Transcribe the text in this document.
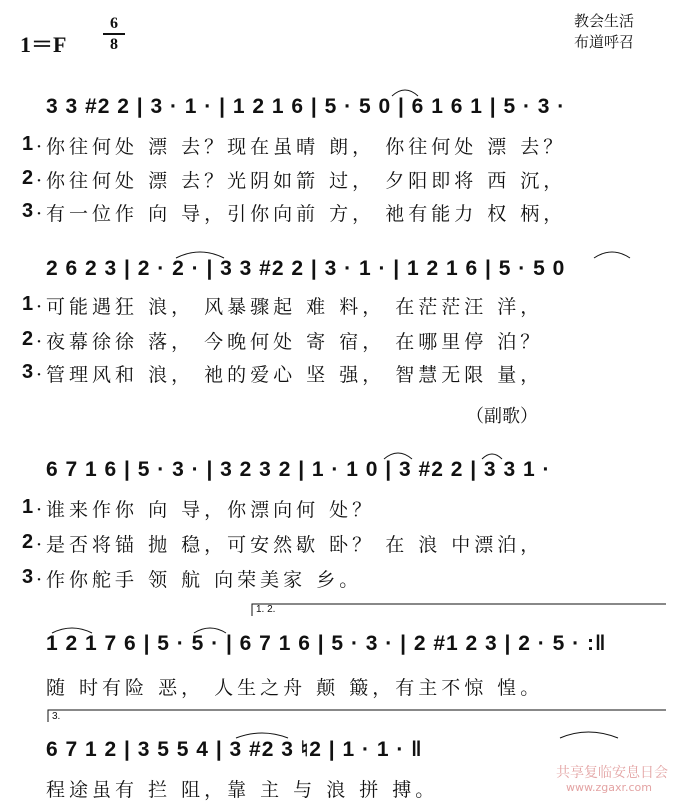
1＝F
6
8
教会生活
布道呼召
3 3 #2 2 | 3 · 1 · | 1 2 1 6 | 5 · 5 0 | 6 1 6 1 | 5 · 3 ·
1 ·你往何处 漂 去？现在虽晴 朗， 你往何处 漂 去？
2 ·你往何处 漂 去？光阴如箭 过， 夕阳即将 西 沉，
3 ·有一位作 向 导，引你向前 方， 祂有能力 权 柄，
2 6 2 3 | 2 · 2 · | 3 3 #2 2 | 3 · 1 · | 1 2 1 6 | 5 · 5 0
1 ·可能遇狂 浪， 风暴骤起 难 料， 在茫茫汪 洋，
2 ·夜幕徐徐 落， 今晚何处 寄 宿， 在哪里停 泊？
3 ·管理风和 浪， 祂的爱心 坚 强， 智慧无限 量，
（副歌）
6 7 1 6 | 5 · 3 · | 3 2 3 2 | 1 · 1 0 | 3 #2 2 | 3 3 1 ·
1 ·谁来作你 向 导，你漂向何 处？
2 ·是否将锚 抛 稳，可安然歇 卧？ 在 浪 中漂泊，
3 ·作你舵手 领 航 向荣美家 乡。
1. 2.
1 2 1 7 6 | 5 · 5 · | 6 7 1 6 | 5 · 3 · | 2 #1 2 3 | 2 · 5 · :‖
随 时有险 恶， 人生之舟 颠 簸，有主不惊 惶。
3.
6 7 1 2 | 3 5 5 4 | 3 #2 3 ♮2 | 1 · 1 · ‖
程途虽有 拦 阻，靠 主 与 浪 拼 搏。
共享复临安息日会
www.zgaxr.com
